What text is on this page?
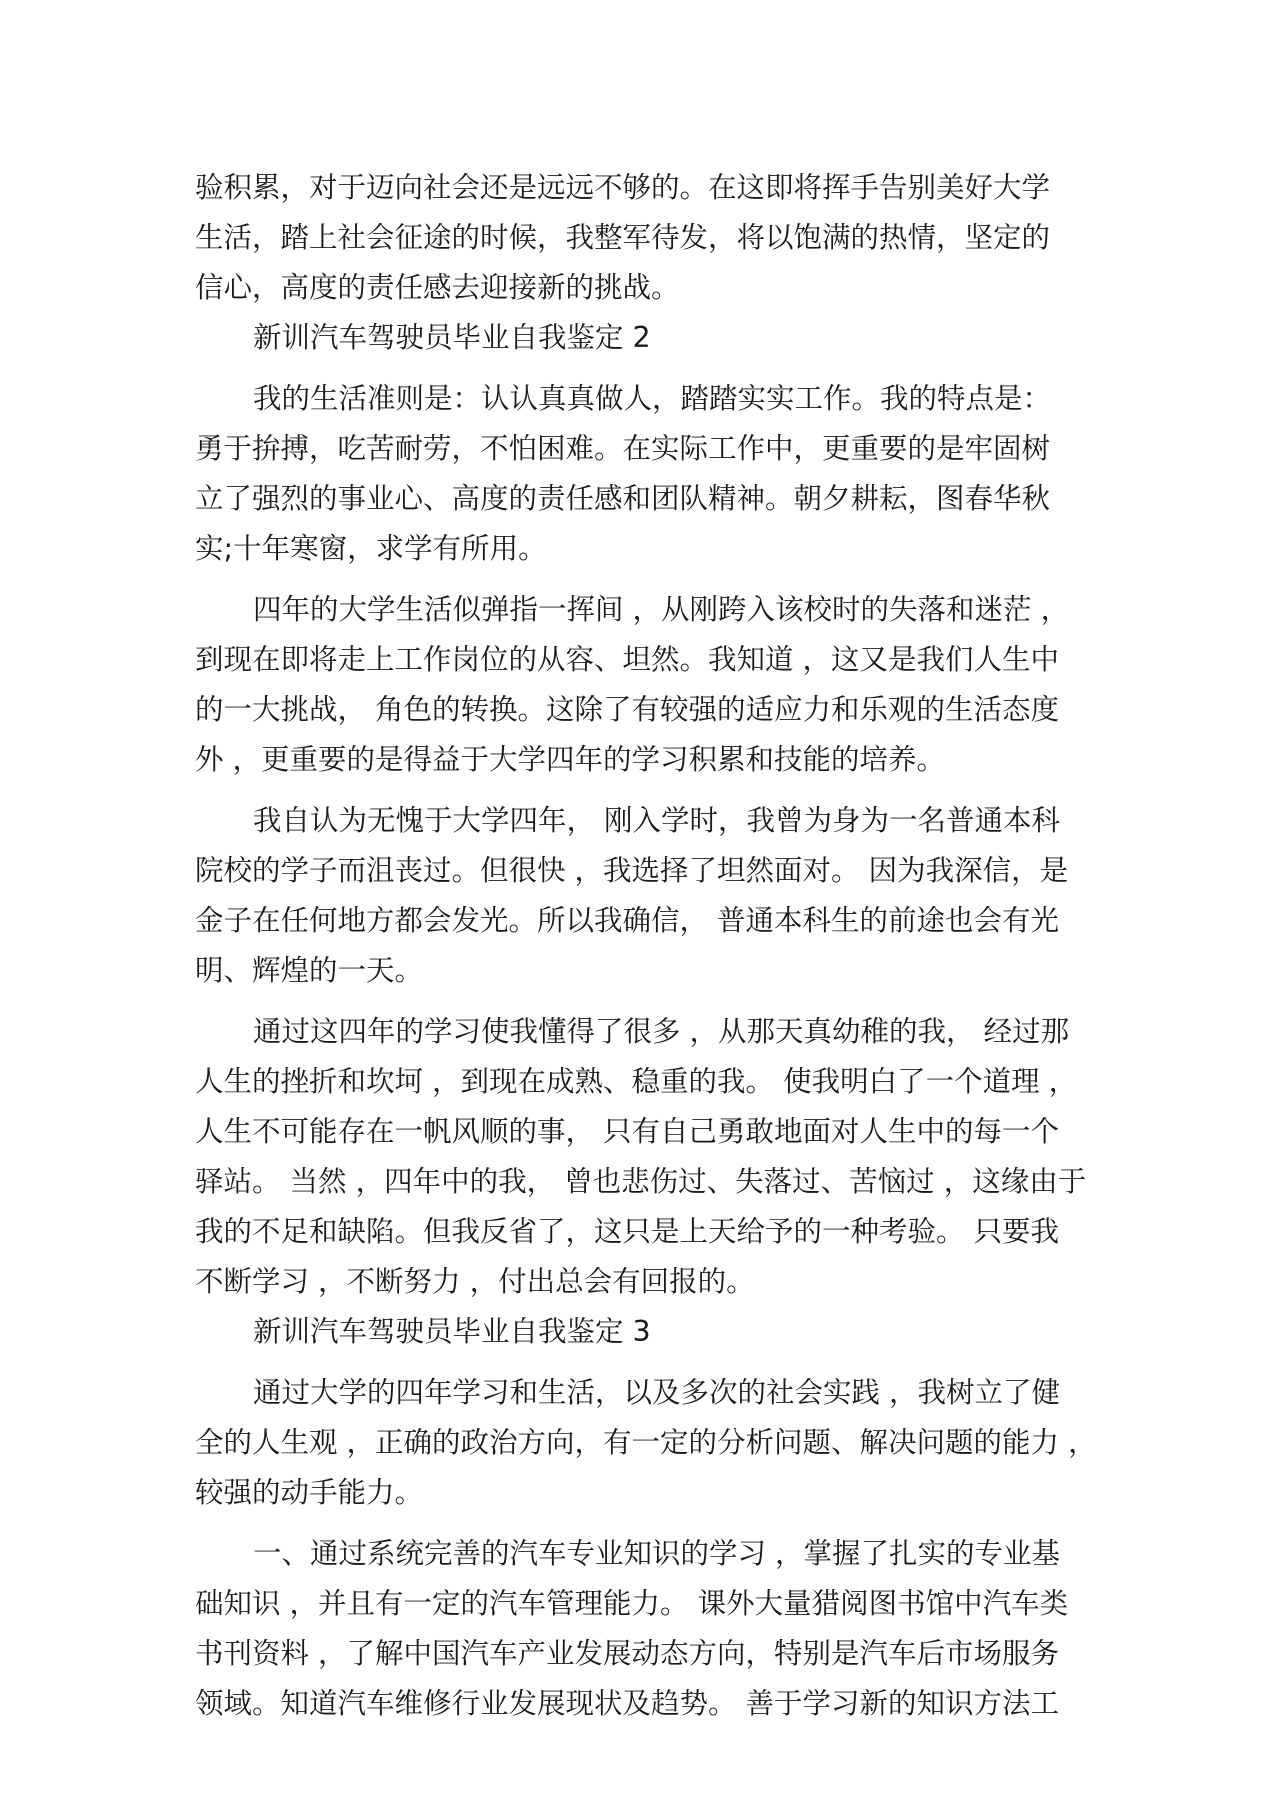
验积累，对于迈向社会还是远远不够的。在这即将挥手告别美好大学
生活，踏上社会征途的时候，我整军待发，将以饱满的热情，坚定的
信心，高度的责任感去迎接新的挑战。
新训汽车驾驶员毕业自我鉴定 2
我的生活准则是：认认真真做人，踏踏实实工作。我的特点是：
勇于拚搏，吃苦耐劳，不怕困难。在实际工作中，更重要的是牢固树
立了强烈的事业心、高度的责任感和团队精神。朝夕耕耘，图春华秋
实;十年寒窗，求学有所用。
四年的大学生活似弹指一挥间 ，从刚跨入该校时的失落和迷茫 ，
到现在即将走上工作岗位的从容、坦然。我知道 ，这又是我们人生中
的一大挑战， 角色的转换。这除了有较强的适应力和乐观的生活态度
外 ，更重要的是得益于大学四年的学习积累和技能的培养。
我自认为无愧于大学四年， 刚入学时，我曾为身为一名普通本科
院校的学子而沮丧过。但很快 ，我选择了坦然面对。 因为我深信，是
金子在任何地方都会发光。所以我确信， 普通本科生的前途也会有光
明、辉煌的一天。
通过这四年的学习使我懂得了很多 ，从那天真幼稚的我， 经过那
人生的挫折和坎坷 ，到现在成熟、稳重的我。 使我明白了一个道理 ，
人生不可能存在一帆风顺的事， 只有自己勇敢地面对人生中的每一个
驿站。 当然 ，四年中的我， 曾也悲伤过、失落过、苦恼过 ，这缘由于
我的不足和缺陷。但我反省了，这只是上天给予的一种考验。 只要我
不断学习 ，不断努力 ，付出总会有回报的。
新训汽车驾驶员毕业自我鉴定 3
通过大学的四年学习和生活，以及多次的社会实践 ，我树立了健
全的人生观 ，正确的政治方向，有一定的分析问题、解决问题的能力 ，
较强的动手能力。
一、通过系统完善的汽车专业知识的学习 ，掌握了扎实的专业基
础知识 ，并且有一定的汽车管理能力。 课外大量猎阅图书馆中汽车类
书刊资料 ，了解中国汽车产业发展动态方向，特别是汽车后市场服务
领域。知道汽车维修行业发展现状及趋势。 善于学习新的知识方法工
